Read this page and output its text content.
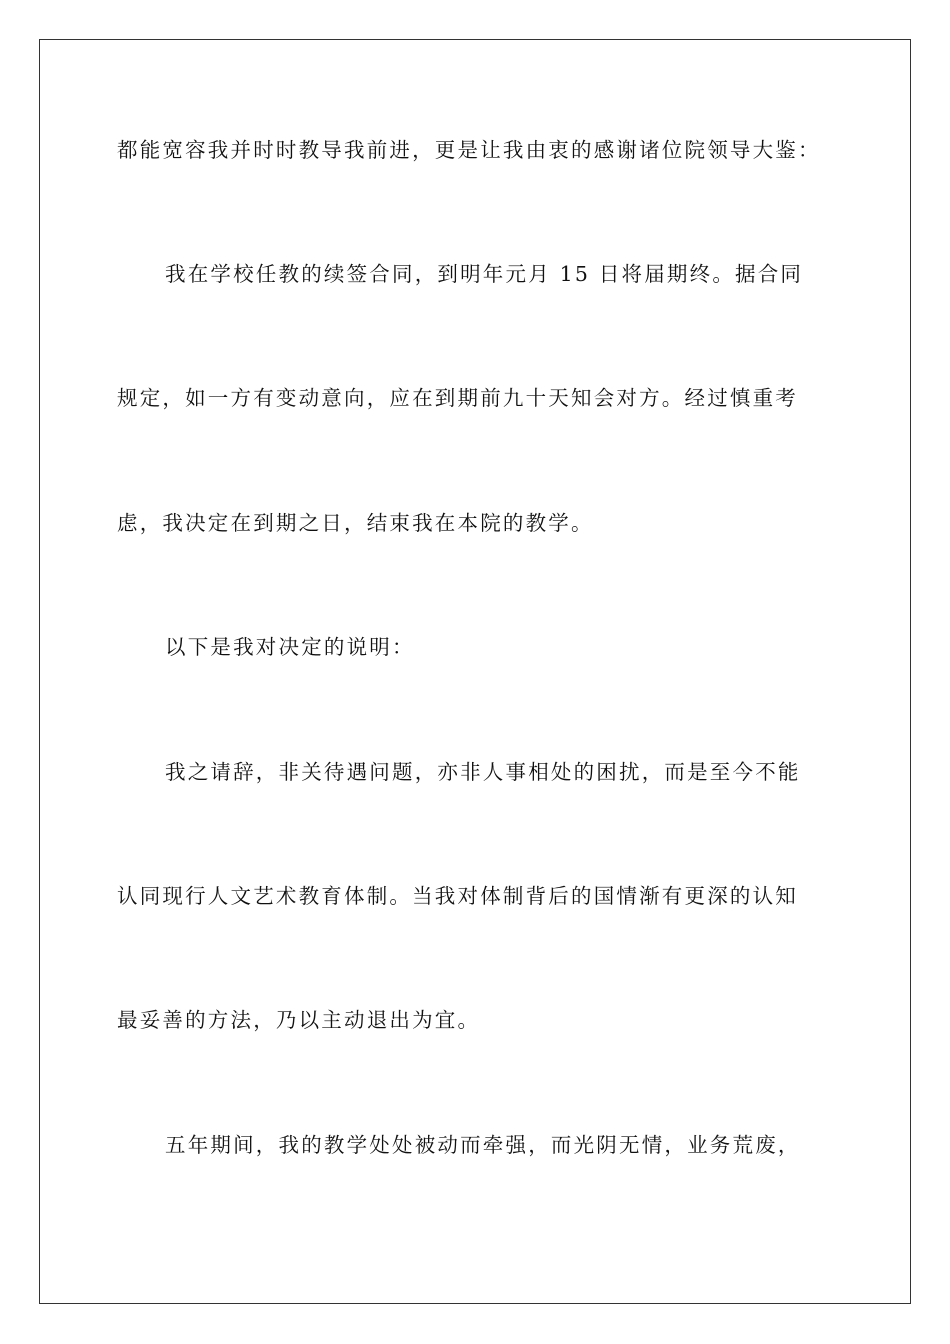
都能宽容我并时时教导我前进，更是让我由衷的感谢诸位院领导大鉴：
我在学校任教的续签合同，到明年元月 15 日将届期终。据合同
规定，如一方有变动意向，应在到期前九十天知会对方。经过慎重考
虑，我决定在到期之日，结束我在本院的教学。
以下是我对决定的说明：
我之请辞，非关待遇问题，亦非人事相处的困扰，而是至今不能
认同现行人文艺术教育体制。当我对体制背后的国情渐有更深的认知
最妥善的方法，乃以主动退出为宜。
五年期间，我的教学处处被动而牵强，而光阴无情，业务荒废，
